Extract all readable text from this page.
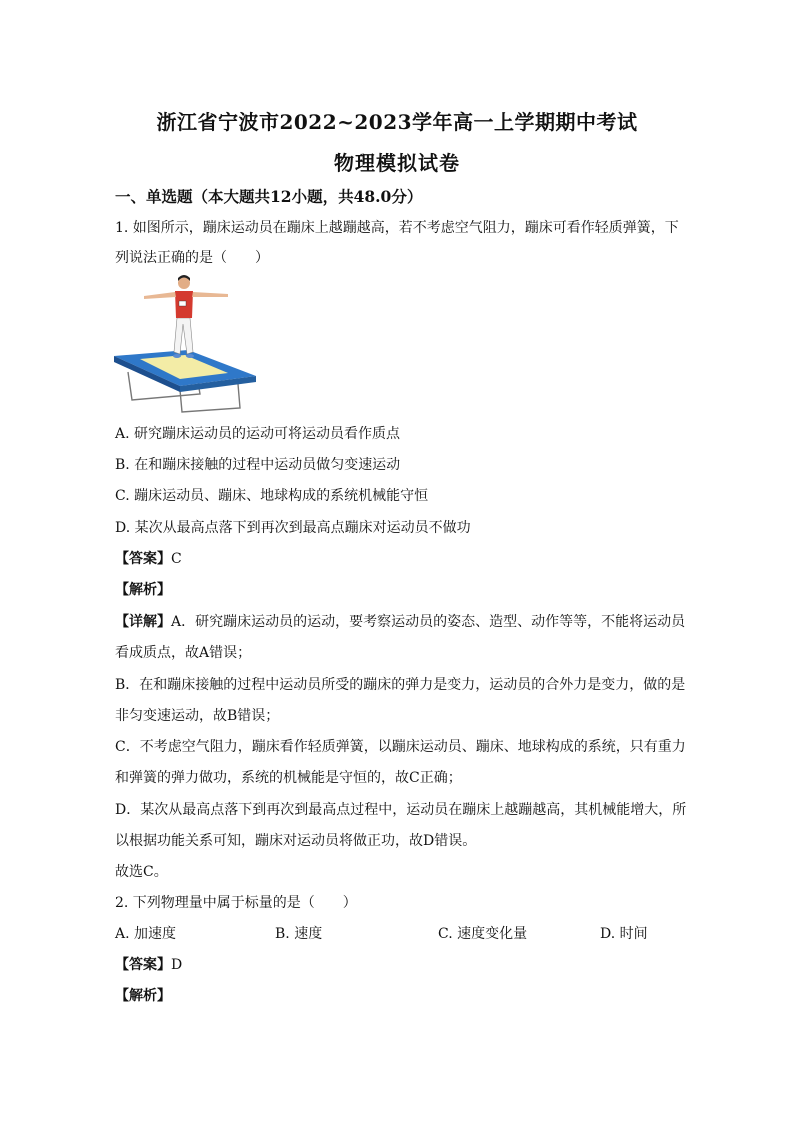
浙江省宁波市2022~2023学年高一上学期期中考试
物理模拟试卷
一、单选题（本大题共12小题，共48.0分）
1. 如图所示，蹦床运动员在蹦床上越蹦越高，若不考虑空气阻力，蹦床可看作轻质弹簧，下
列说法正确的是（　　）
A. 研究蹦床运动员的运动可将运动员看作质点
B. 在和蹦床接触的过程中运动员做匀变速运动
C. 蹦床运动员、蹦床、地球构成的系统机械能守恒
D. 某次从最高点落下到再次到最高点蹦床对运动员不做功
【答案】C
【解析】
【详解】A．研究蹦床运动员的运动，要考察运动员的姿态、造型、动作等等，不能将运动员
看成质点，故A错误；
B．在和蹦床接触的过程中运动员所受的蹦床的弹力是变力，运动员的合外力是变力，做的是
非匀变速运动，故B错误；
C．不考虑空气阻力，蹦床看作轻质弹簧，以蹦床运动员、蹦床、地球构成的系统，只有重力
和弹簧的弹力做功，系统的机械能是守恒的，故C正确；
D．某次从最高点落下到再次到最高点过程中，运动员在蹦床上越蹦越高，其机械能增大，所
以根据功能关系可知，蹦床对运动员将做正功，故D错误。
故选C。
2. 下列物理量中属于标量的是（　　）
A. 加速度	B. 速度	C. 速度变化量	D. 时间
【答案】D
【解析】
